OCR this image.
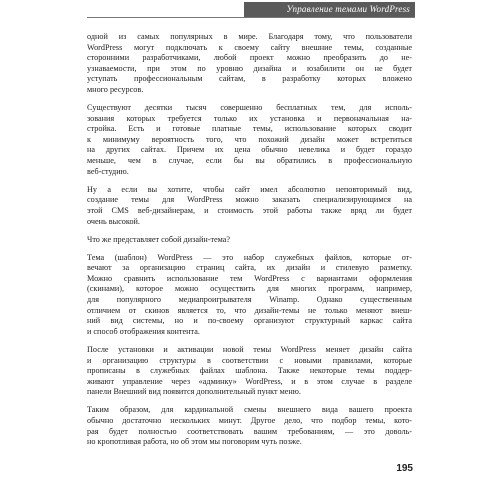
Управление темами WordPress

одной из самых популярных в мире. Благодаря тому, что пользователи
WordPress могут подключать к своему сайту внешние темы, созданные
сторонними разработчиками, любой проект можно преобразить до не-
узнаваемости, при этом по уровню дизайна и юзабилити он не будет
уступать профессиональным сайтам, в разработку которых вложено
много ресурсов.

Существуют десятки тысяч совершенно бесплатных тем, для исполь-
зования которых требуется только их установка и первоначальная на-
стройка. Есть и готовые платные темы, использование которых сводит
к минимуму вероятность того, что похожий дизайн может встретиться
на других сайтах. Причем их цена обычно невелика и будет гораздо
меньше, чем в случае, если бы вы обратились в профессиональную
веб-студию.

Ну а если вы хотите, чтобы сайт имел абсолютно неповторимый вид,
создание темы для WordPress можно заказать специализирующимся на
этой CMS веб-дизайнерам, и стоимость этой работы также вряд ли будет
очень высокой.

Что же представляет собой дизайн-тема?

Тема (шаблон) WordPress — это набор служебных файлов, которые от-
вечают за организацию страниц сайта, их дизайн и стилевую разметку.
Можно сравнить использование тем WordPress с вариантами оформления
(скинами), которое можно осуществить для многих программ, например,
для популярного медиапроигрывателя Winamp. Однако существенным
отличием от скинов является то, что дизайн-темы не только меняют внеш-
ний вид системы, но и по-своему организуют структурный каркас сайта
и способ отображения контента.

После установки и активации новой темы WordPress меняет дизайн сайта
и организацию структуры в соответствии с новыми правилами, которые
прописаны в служебных файлах шаблона. Также некоторые темы поддер-
живают управление через «админку» WordPress, и в этом случае в разделе
панели Внешний вид появится дополнительный пункт меню.

Таким образом, для кардинальной смены внешнего вида вашего проекта
обычно достаточно нескольких минут. Другое дело, что подбор темы, кото-
рая будет полностью соответствовать вашим требованиям, — это доволь-
но кропотливая работа, но об этом мы поговорим чуть позже.

195
